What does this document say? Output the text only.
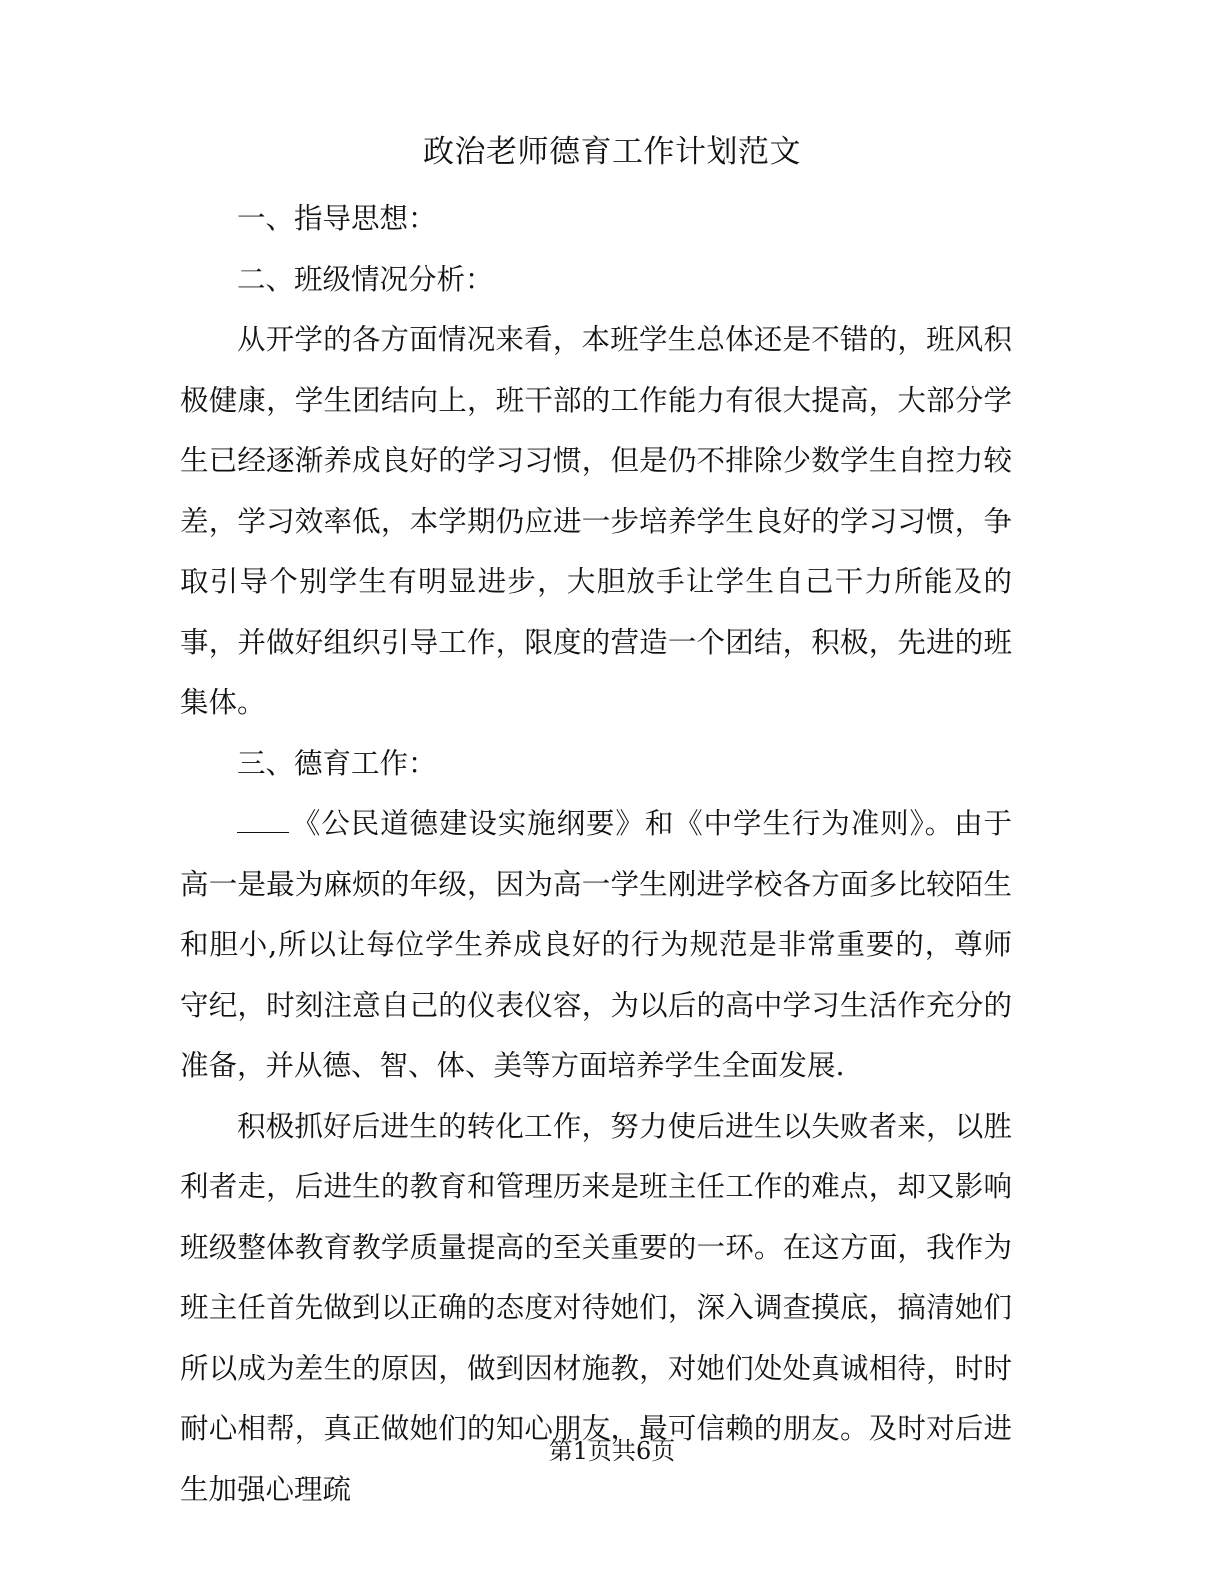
政治老师德育工作计划范文

一、指导思想：

二、班级情况分析：

从开学的各方面情况来看，本班学生总体还是不错的，班风积极健康，学生团结向上，班干部的工作能力有很大提高，大部分学生已经逐渐养成良好的学习习惯，但是仍不排除少数学生自控力较差，学习效率低，本学期仍应进一步培养学生良好的学习习惯，争取引导个别学生有明显进步，大胆放手让学生自己干力所能及的事，并做好组织引导工作，限度的营造一个团结，积极，先进的班集体。

三、德育工作：

《公民道德建设实施纲要》和《中学生行为准则》。由于高一是最为麻烦的年级，因为高一学生刚进学校各方面多比较陌生和胆小,所以让每位学生养成良好的行为规范是非常重要的，尊师守纪，时刻注意自己的仪表仪容，为以后的高中学习生活作充分的准备，并从德、智、体、美等方面培养学生全面发展.

积极抓好后进生的转化工作，努力使后进生以失败者来，以胜利者走，后进生的教育和管理历来是班主任工作的难点，却又影响班级整体教育教学质量提高的至关重要的一环。在这方面，我作为班主任首先做到以正确的态度对待她们，深入调查摸底，搞清她们所以成为差生的原因，做到因材施教，对她们处处真诚相待，时时耐心相帮，真正做她们的知心朋友，最可信赖的朋友。及时对后进生加强心理疏

第1页共6页
